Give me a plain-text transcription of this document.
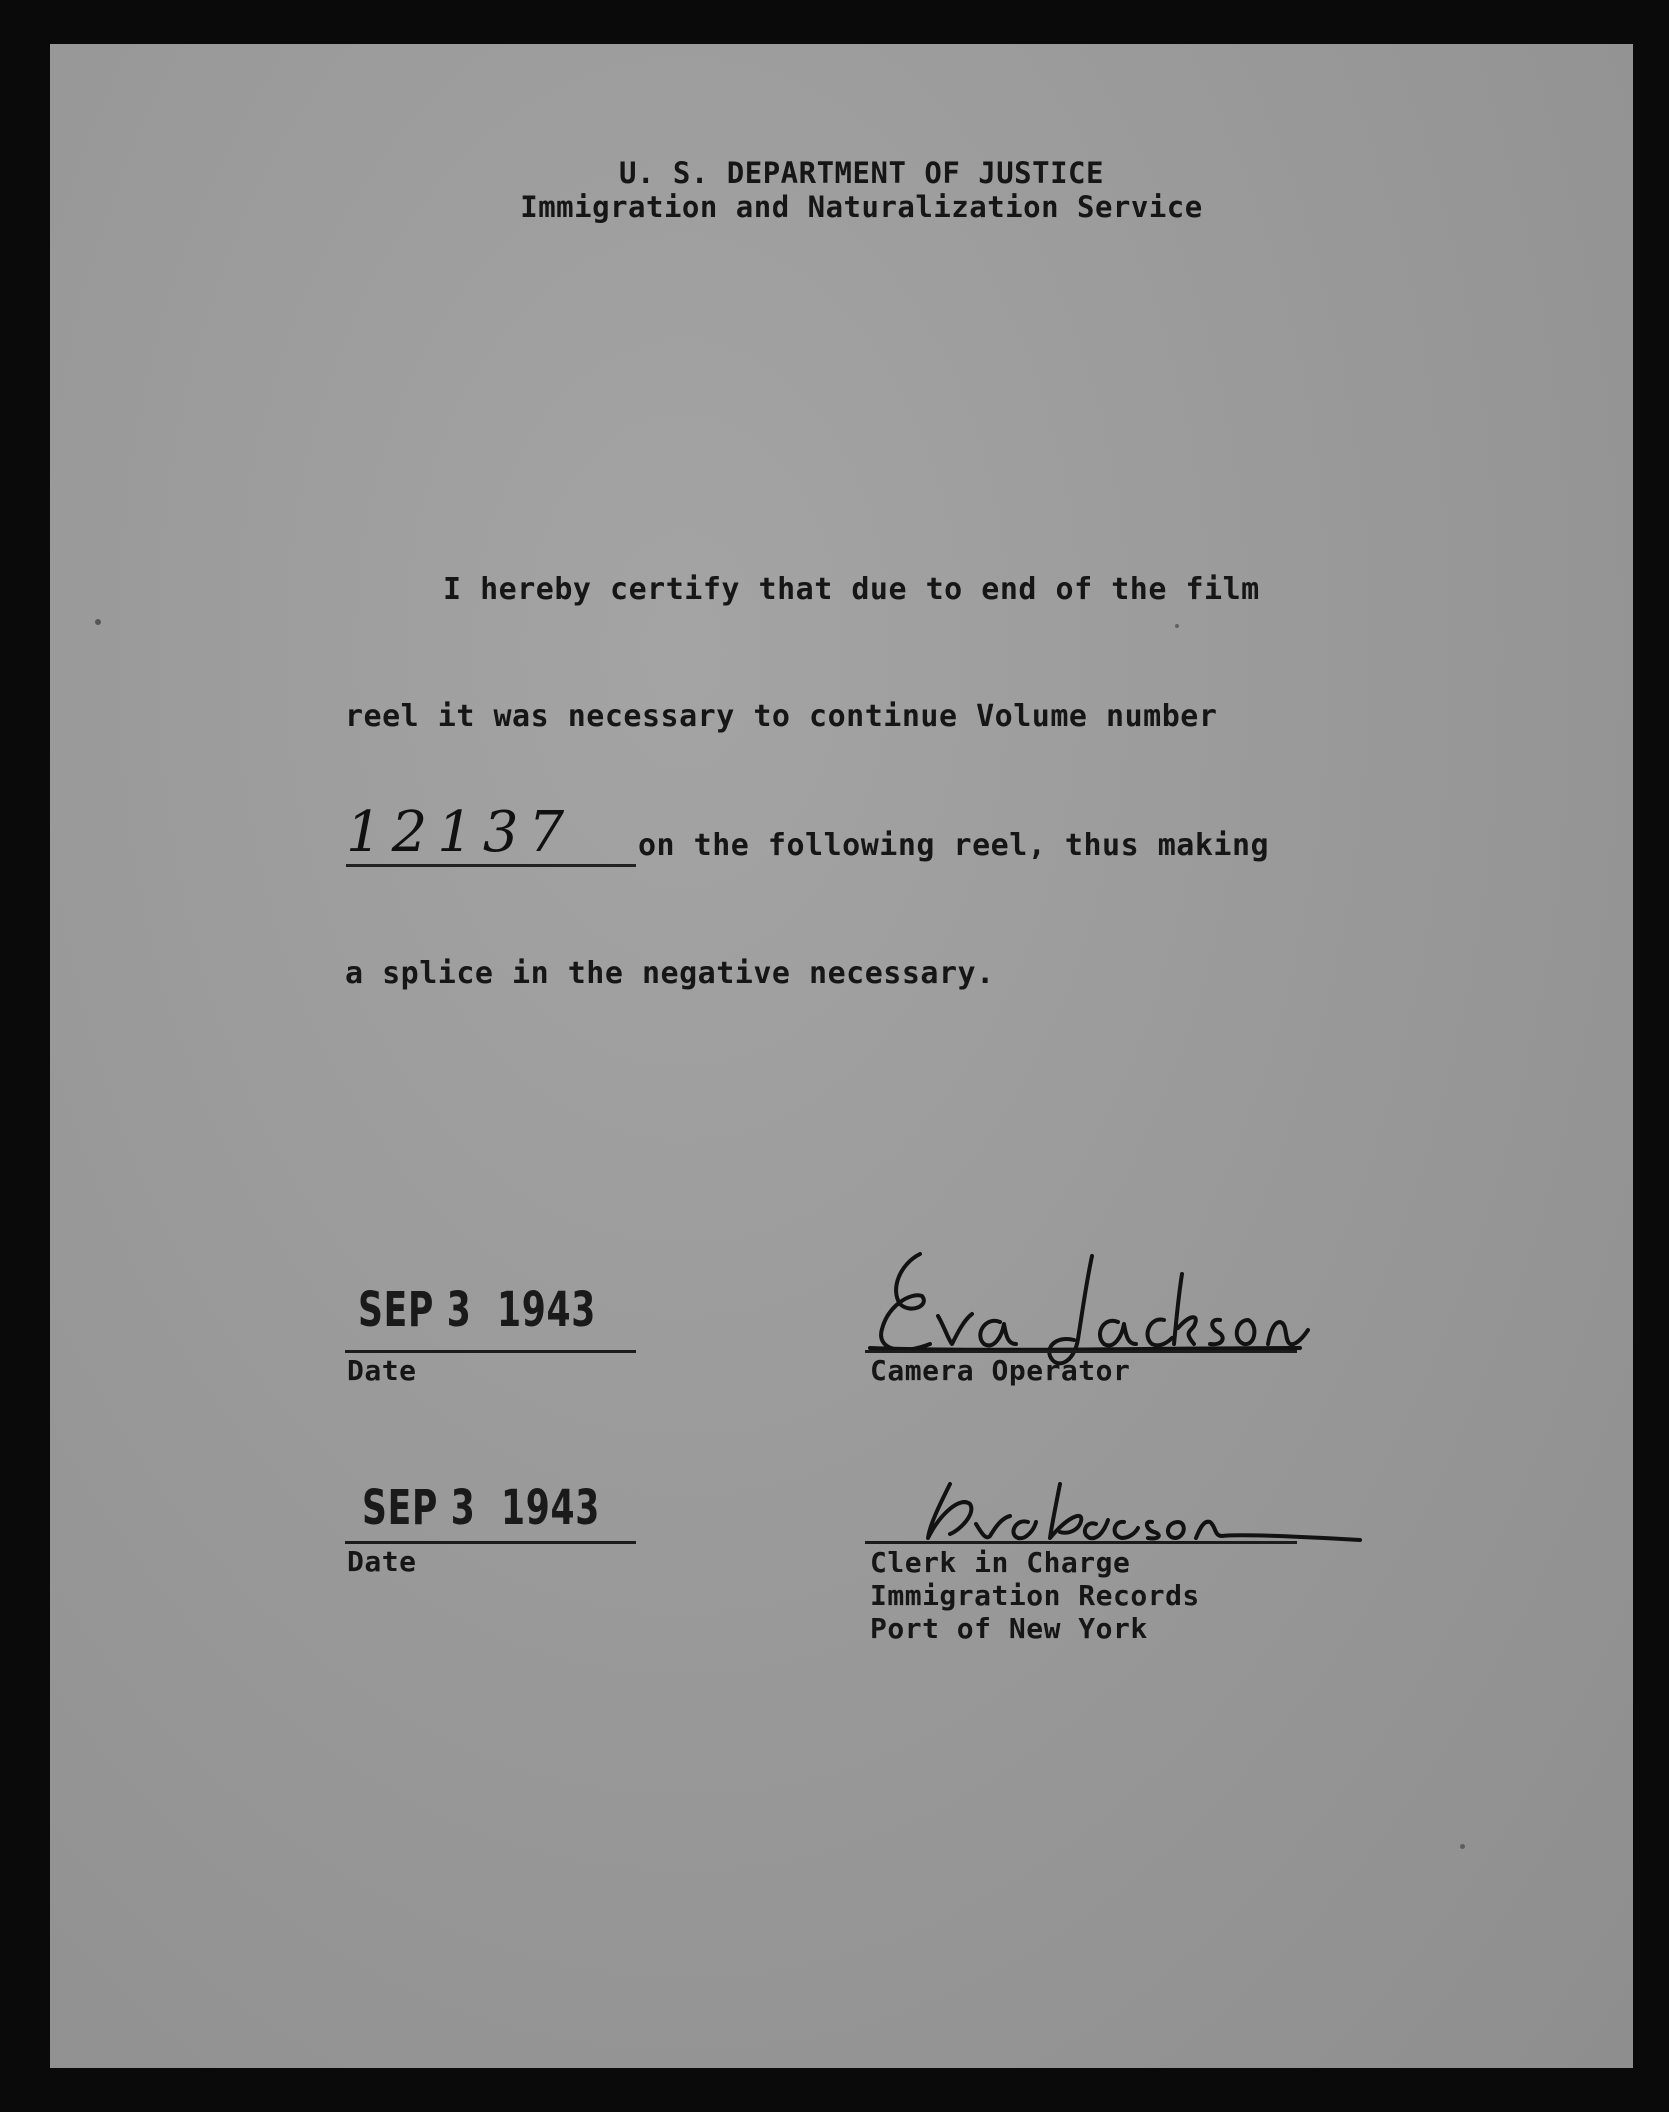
U. S. DEPARTMENT OF JUSTICE
Immigration and Naturalization Service
I hereby certify that due to end of the film
reel it was necessary to continue Volume number
12137	on the following reel, thus making
a splice in the negative necessary.
SEP 3  1943
Date	Camera Operator
SEP 3  1943
Date	Clerk in Charge
Immigration Records
Port of New York
